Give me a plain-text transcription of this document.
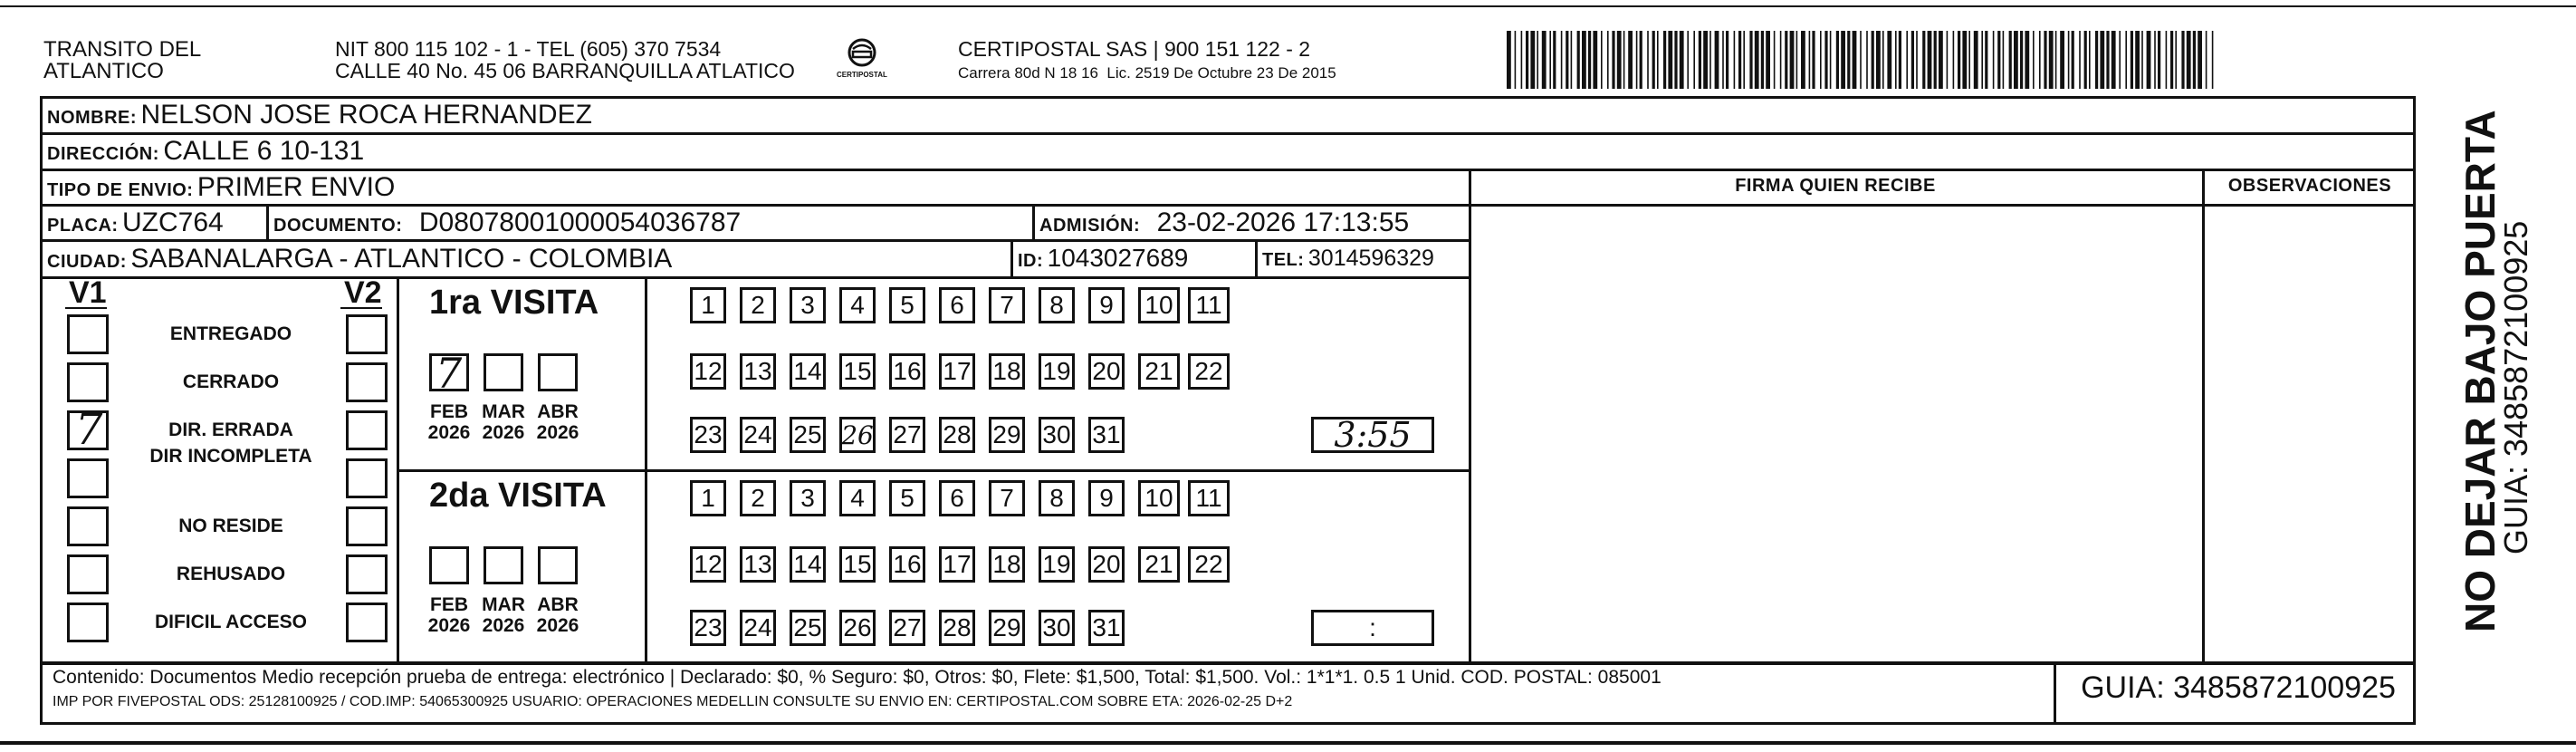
TRANSITO DEL
ATLANTICO
NIT 800 115 102 - 1 - TEL (605) 370 7534
CALLE 40 No. 45 06 BARRANQUILLA ATLATICO	CERTIPOSTAL
CERTIPOSTAL SAS | 900 151 122 - 2
Carrera 80d N 18 16  Lic. 2519 De Octubre 23 De 2015
NOMBRE: NELSON JOSE ROCA HERNANDEZ
DIRECCIÓN: CALLE 6 10-131
TIPO DE ENVIO: PRIMER ENVIO	FIRMA QUIEN RECIBE	OBSERVACIONES
PLACA: UZC764	DOCUMENTO: D08078001000054036787	ADMISIÓN: 23-02-2026 17:13:55
CIUDAD: SABANALARGA - ATLANTICO - COLOMBIA	ID: 1043027689	TEL: 3014596329
V1	V2
ENTREGADO
CERRADO
7	DIR. ERRADA
DIR INCOMPLETA
NO RESIDE
REHUSADO
DIFICIL ACCESO
1ra VISITA
7
FEB
2026
MAR
2026
ABR
2026
1	2	3	4	5	6	7	8	9	10 11
12 13 14 15 16 17 18 19 20 21 22
23 24 25 26 27 28 29 30 31	3:55
2da VISITA
FEB
2026
MAR
2026
ABR
2026
1	2	3	4	5	6	7	8	9	10 11
12 13 14 15 16 17 18 19 20 21 22
23 24 25 26 27 28 29 30 31	:
Contenido: Documentos Medio recepción prueba de entrega: electrónico | Declarado: $0, % Seguro: $0, Otros: $0, Flete: $1,500, Total: $1,500. Vol.: 1*1*1. 0.5 1 Unid. COD. POSTAL: 085001
IMP POR FIVEPOSTAL ODS: 25128100925 / COD.IMP: 54065300925 USUARIO: OPERACIONES MEDELLIN CONSULTE SU ENVIO EN: CERTIPOSTAL.COM SOBRE ETA: 2026-02-25 D+2	GUIA: 3485872100925
NO DEJAR BAJO PUERTA
GUIA: 3485872100925
